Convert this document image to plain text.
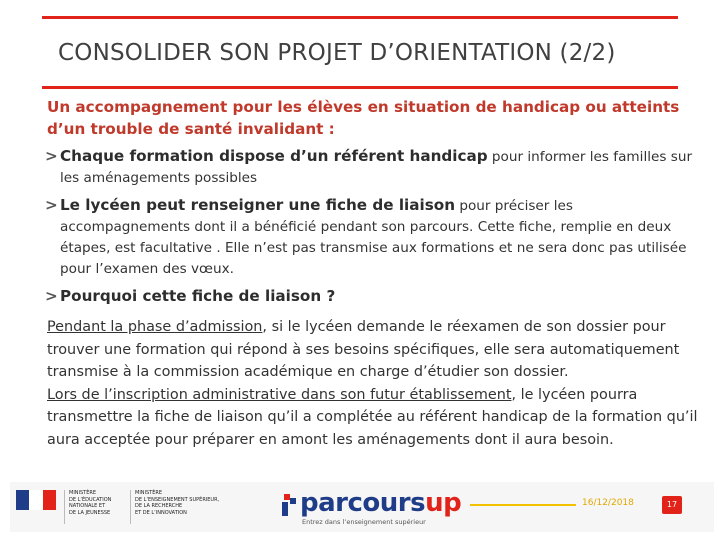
CONSOLIDER SON PROJET D’ORIENTATION (2/2)
Un accompagnement pour les élèves en situation de handicap ou atteints d’un trouble de santé invalidant :
> Chaque formation dispose d’un référent handicap pour informer les familles sur
les aménagements possibles
> Le lycéen peut renseigner une fiche de liaison pour préciser les
accompagnements dont il a bénéficié pendant son parcours. Cette fiche, remplie en deux étapes, est facultative . Elle n’est pas transmise aux formations et ne sera donc pas utilisée pour l’examen des vœux.
> Pourquoi cette fiche de liaison ?
Pendant la phase d’admission, si le lycéen demande le réexamen de son dossier pour trouver une formation qui répond à ses besoins spécifiques, elle sera automatiquement transmise à la commission académique en charge d’étudier son dossier.
Lors de l’inscription administrative dans son futur établissement, le lycéen pourra transmettre la fiche de liaison qu’il a complétée au référent handicap de la formation qu’il aura acceptée pour préparer en amont les aménagements dont il aura besoin.
MINISTÈRE
DE L’ÉDUCATION
NATIONALE ET
DE LA JEUNESSE
MINISTÈRE
DE L’ENSEIGNEMENT SUPÉRIEUR,
DE LA RECHERCHE
ET DE L’INNOVATION	parcoursup
Entrez dans l’enseignement supérieur
16/12/2018	17
